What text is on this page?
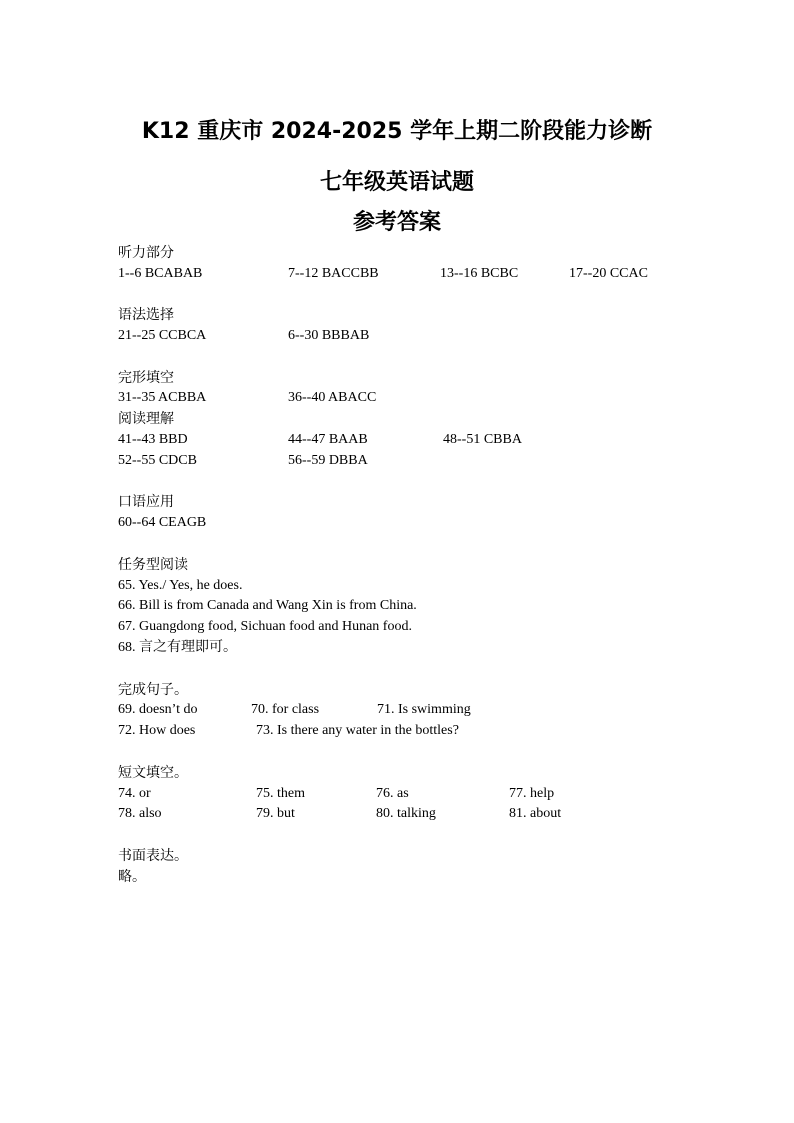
K12 重庆市 2024-2025 学年上期二阶段能力诊断
七年级英语试题
参考答案
听力部分
1--6 BCABAB	7--12 BACCBB	13--16 BCBC	17--20 CCAC
语法选择
21--25 CCBCA	6--30 BBBAB
完形填空
31--35 ACBBA	36--40 ABACC
阅读理解
41--43 BBD	44--47 BAAB	48--51 CBBA
52--55 CDCB	56--59 DBBA
口语应用
60--64 CEAGB
任务型阅读
65. Yes./ Yes, he does.
66. Bill is from Canada and Wang Xin is from China.
67. Guangdong food, Sichuan food and Hunan food.
68. 言之有理即可。
完成句子。
69. doesn’t do	70. for class	71. Is swimming
72. How does	73. Is there any water in the bottles?
短文填空。
74. or	75. them	76. as	77. help
78. also	79. but	80. talking	81. about
书面表达。
略。
